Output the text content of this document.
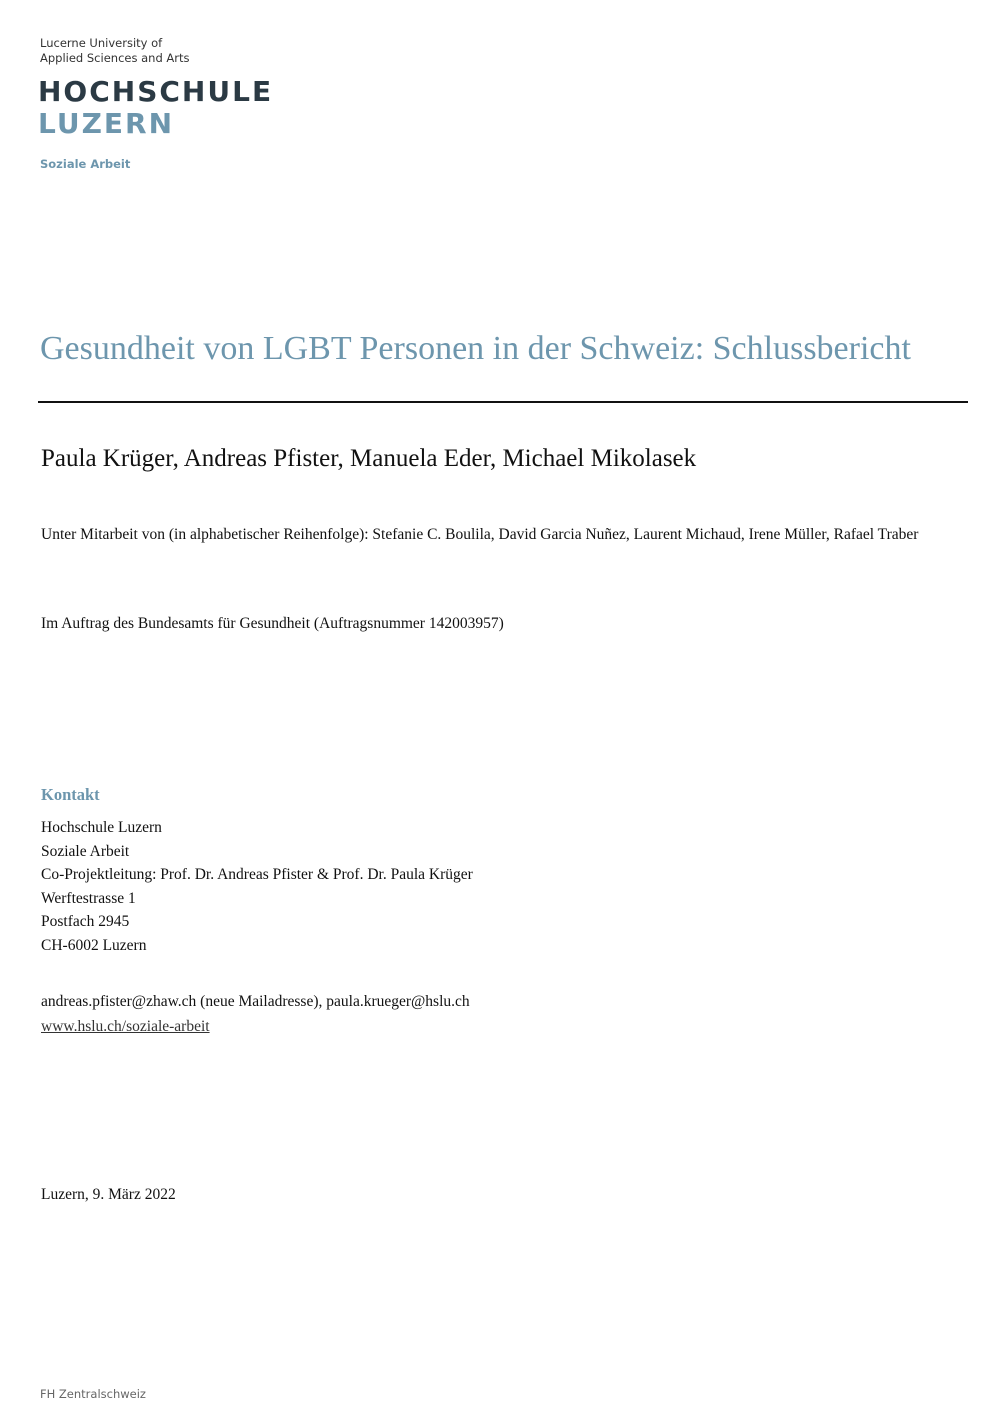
Lucerne University of
Applied Sciences and Arts
HOCHSCHULE
LUZERN
Soziale Arbeit
Gesundheit von LGBT Personen in der Schweiz: Schlussbericht
Paula Krüger, Andreas Pfister, Manuela Eder, Michael Mikolasek
Unter Mitarbeit von (in alphabetischer Reihenfolge): Stefanie C. Boulila, David Garcia Nuñez, Laurent Michaud, Irene Müller, Rafael Traber
Im Auftrag des Bundesamts für Gesundheit (Auftragsnummer 142003957)
Kontakt
Hochschule Luzern
Soziale Arbeit
Co-Projektleitung: Prof. Dr. Andreas Pfister & Prof. Dr. Paula Krüger
Werftestrasse 1
Postfach 2945
CH-6002 Luzern
andreas.pfister@zhaw.ch (neue Mailadresse), paula.krueger@hslu.ch
www.hslu.ch/soziale-arbeit
Luzern, 9. März 2022
FH Zentralschweiz
